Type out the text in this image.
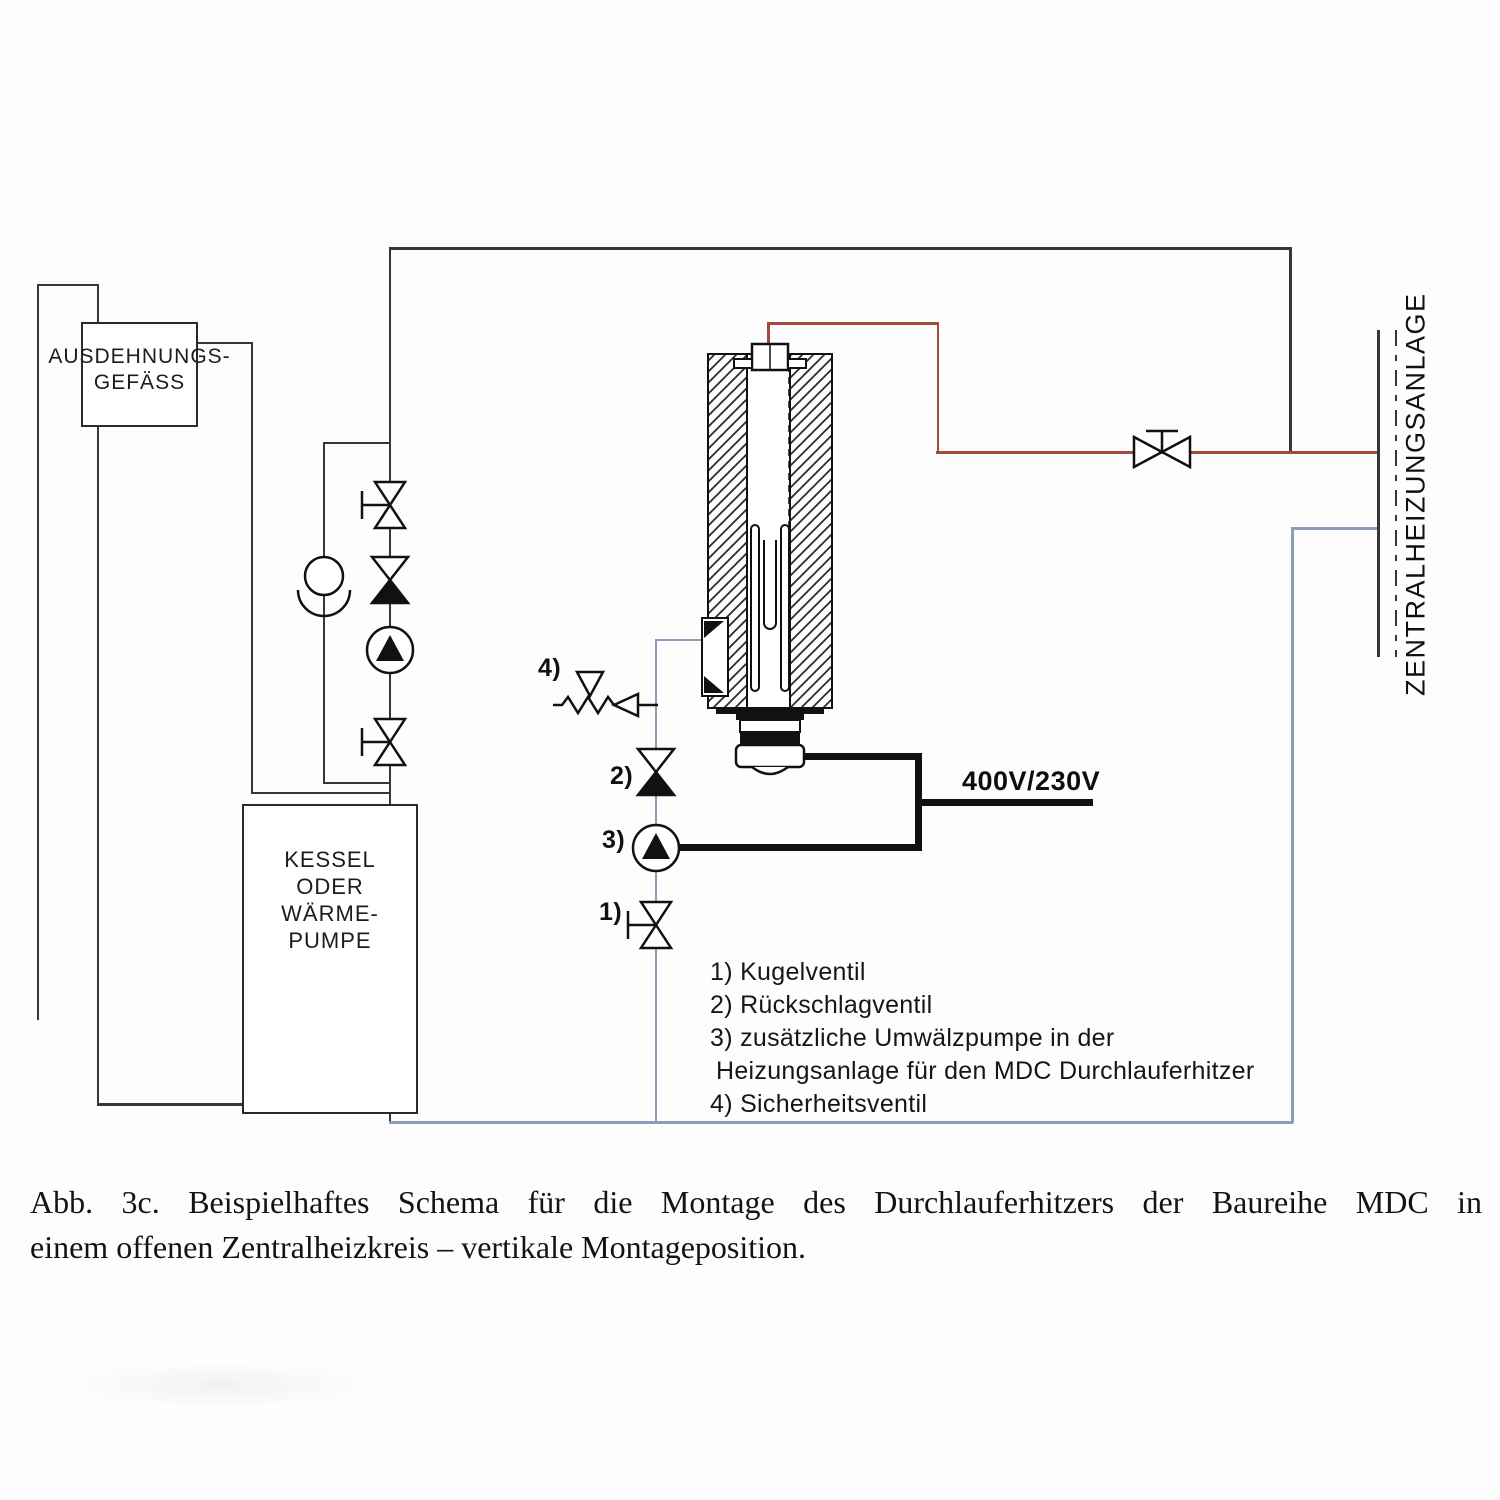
400V/230V
AUSDEHNUNGS-
GEFÄSS
KESSEL
ODER
WÄRME-
PUMPE
ZENTRALHEIZUNGSANLAGE
4)
2)
3)
1)
1) Kugelventil
2) Rückschlagventil
3) zusätzliche Umwälzpumpe in der
Heizungsanlage für den MDC Durchlauferhitzer
4) Sicherheitsventil
Abb. 3c. Beispielhaftes Schema für die Montage des Durchlauferhitzers der Baureihe MDC in
einem offenen Zentralheizkreis – vertikale Montageposition.
